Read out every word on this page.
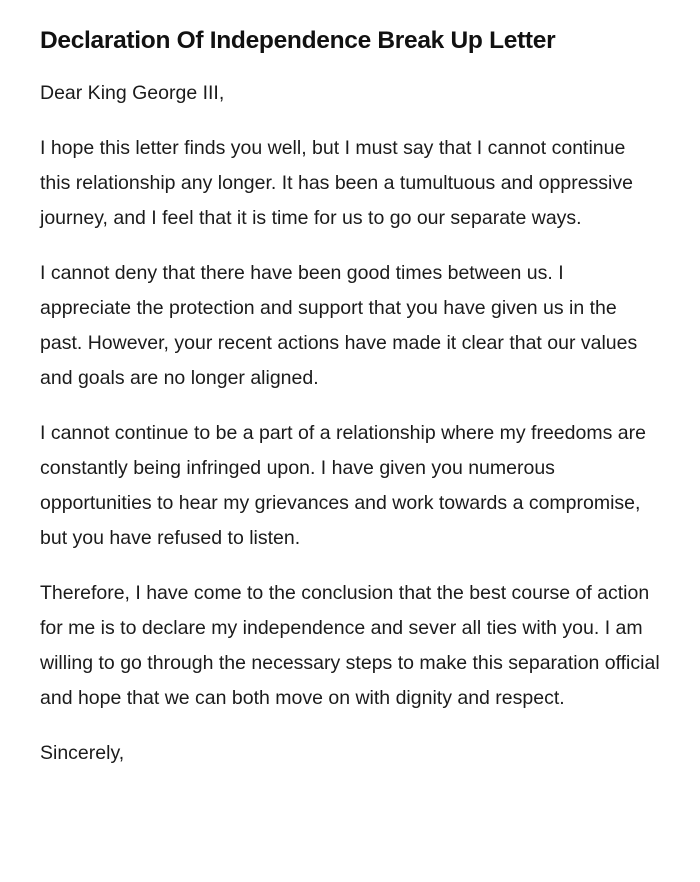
Declaration Of Independence Break Up Letter

Dear King George III,

I hope this letter finds you well, but I must say that I cannot continue this relationship any longer. It has been a tumultuous and oppressive journey, and I feel that it is time for us to go our separate ways.

I cannot deny that there have been good times between us. I appreciate the protection and support that you have given us in the past. However, your recent actions have made it clear that our values and goals are no longer aligned.

I cannot continue to be a part of a relationship where my freedoms are constantly being infringed upon. I have given you numerous opportunities to hear my grievances and work towards a compromise, but you have refused to listen.

Therefore, I have come to the conclusion that the best course of action for me is to declare my independence and sever all ties with you. I am willing to go through the necessary steps to make this separation official and hope that we can both move on with dignity and respect.

Sincerely,
